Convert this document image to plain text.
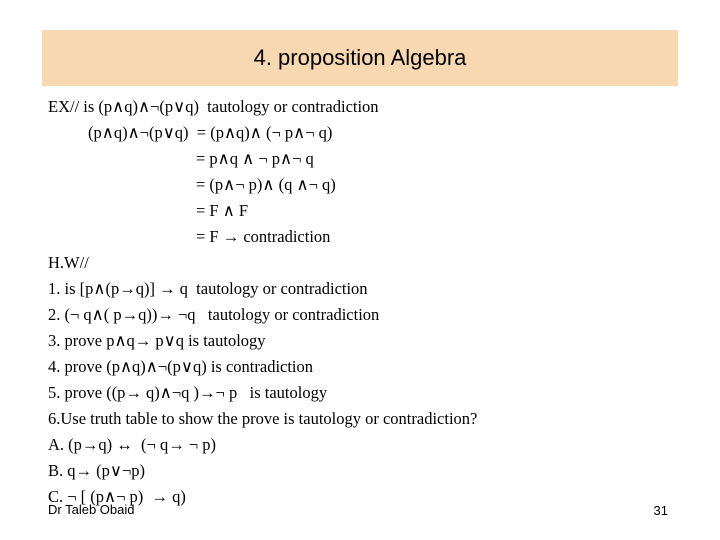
4. proposition Algebra
EX// is (p∧q)∧¬(p∨q)  tautology or contradiction
(p∧q)∧¬(p∨q)  = (p∧q)∧ (¬ p∧¬ q)
= p∧q ∧ ¬ p∧¬ q
= (p∧¬ p)∧ (q ∧¬ q)
= F ∧ F
= F → contradiction
H.W//
1. is [p∧(p→q)] → q  tautology or contradiction
2. (¬ q∧( p→q))→ ¬q   tautology or contradiction
3. prove p∧q→ p∨q is tautology
4. prove (p∧q)∧¬(p∨q) is contradiction
5. prove ((p→ q)∧¬q )→¬ p   is tautology
6.Use truth table to show the prove is tautology or contradiction?
A. (p→q) ↔  (¬ q→ ¬ p)
B. q→ (p∨¬p)
C. ¬ [ (p∧¬ p)  → q)
Dr Taleb Obaid	31
